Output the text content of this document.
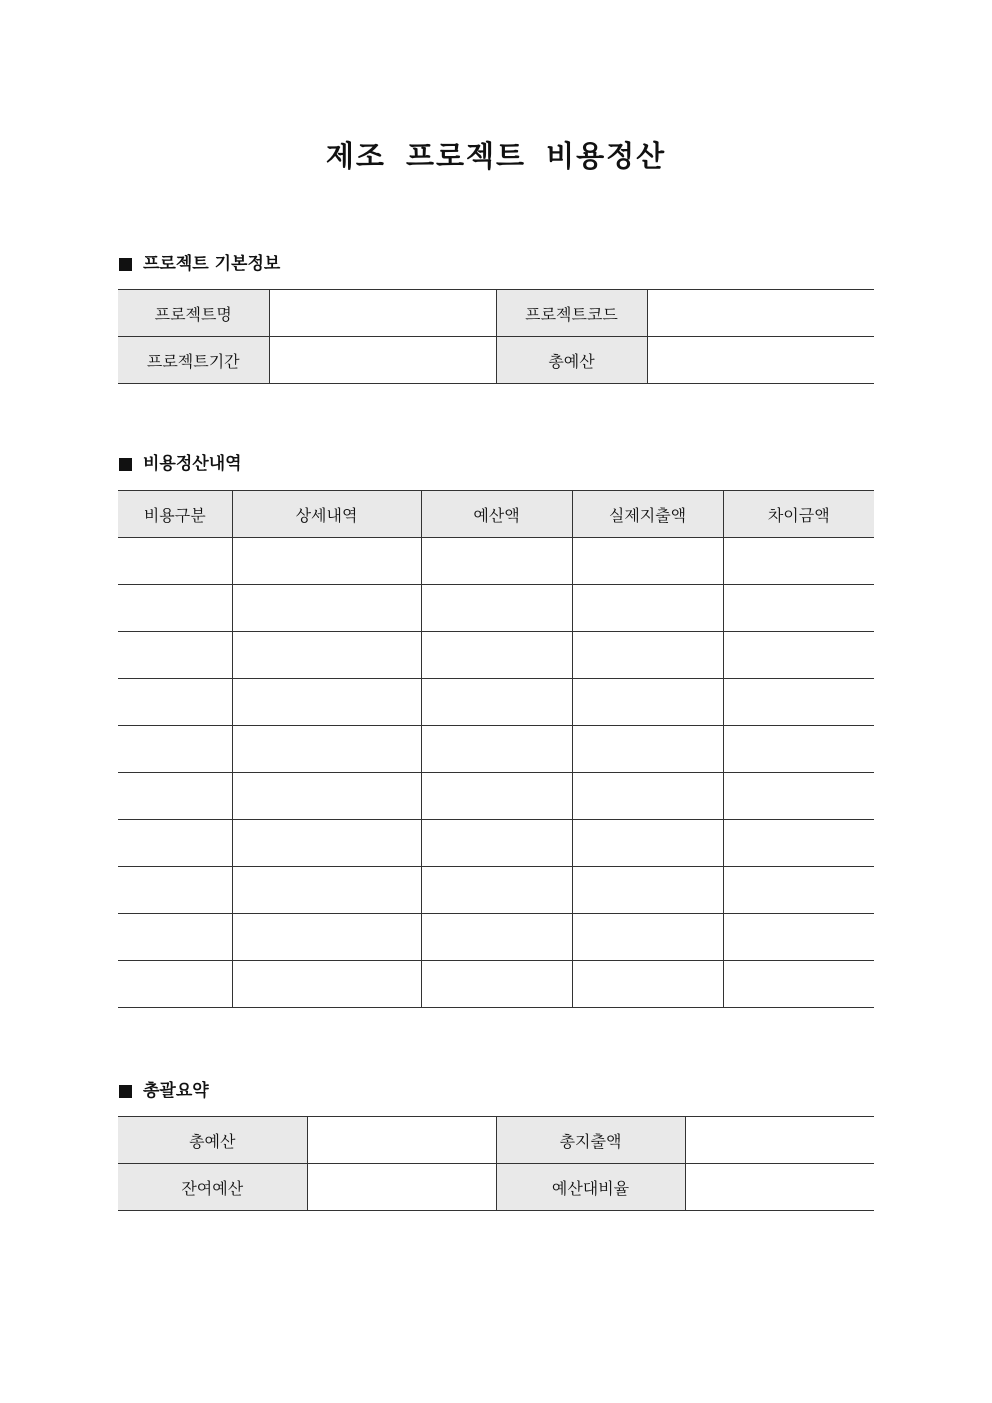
제조 프로젝트 비용정산
프로젝트 기본정보
프로젝트명		프로젝트코드	
프로젝트기간		총예산	
비용정산내역
비용구분	상세내역	예산액	실제지출액	차이금액

총괄요약
총예산		총지출액	
잔여예산		예산대비율	
